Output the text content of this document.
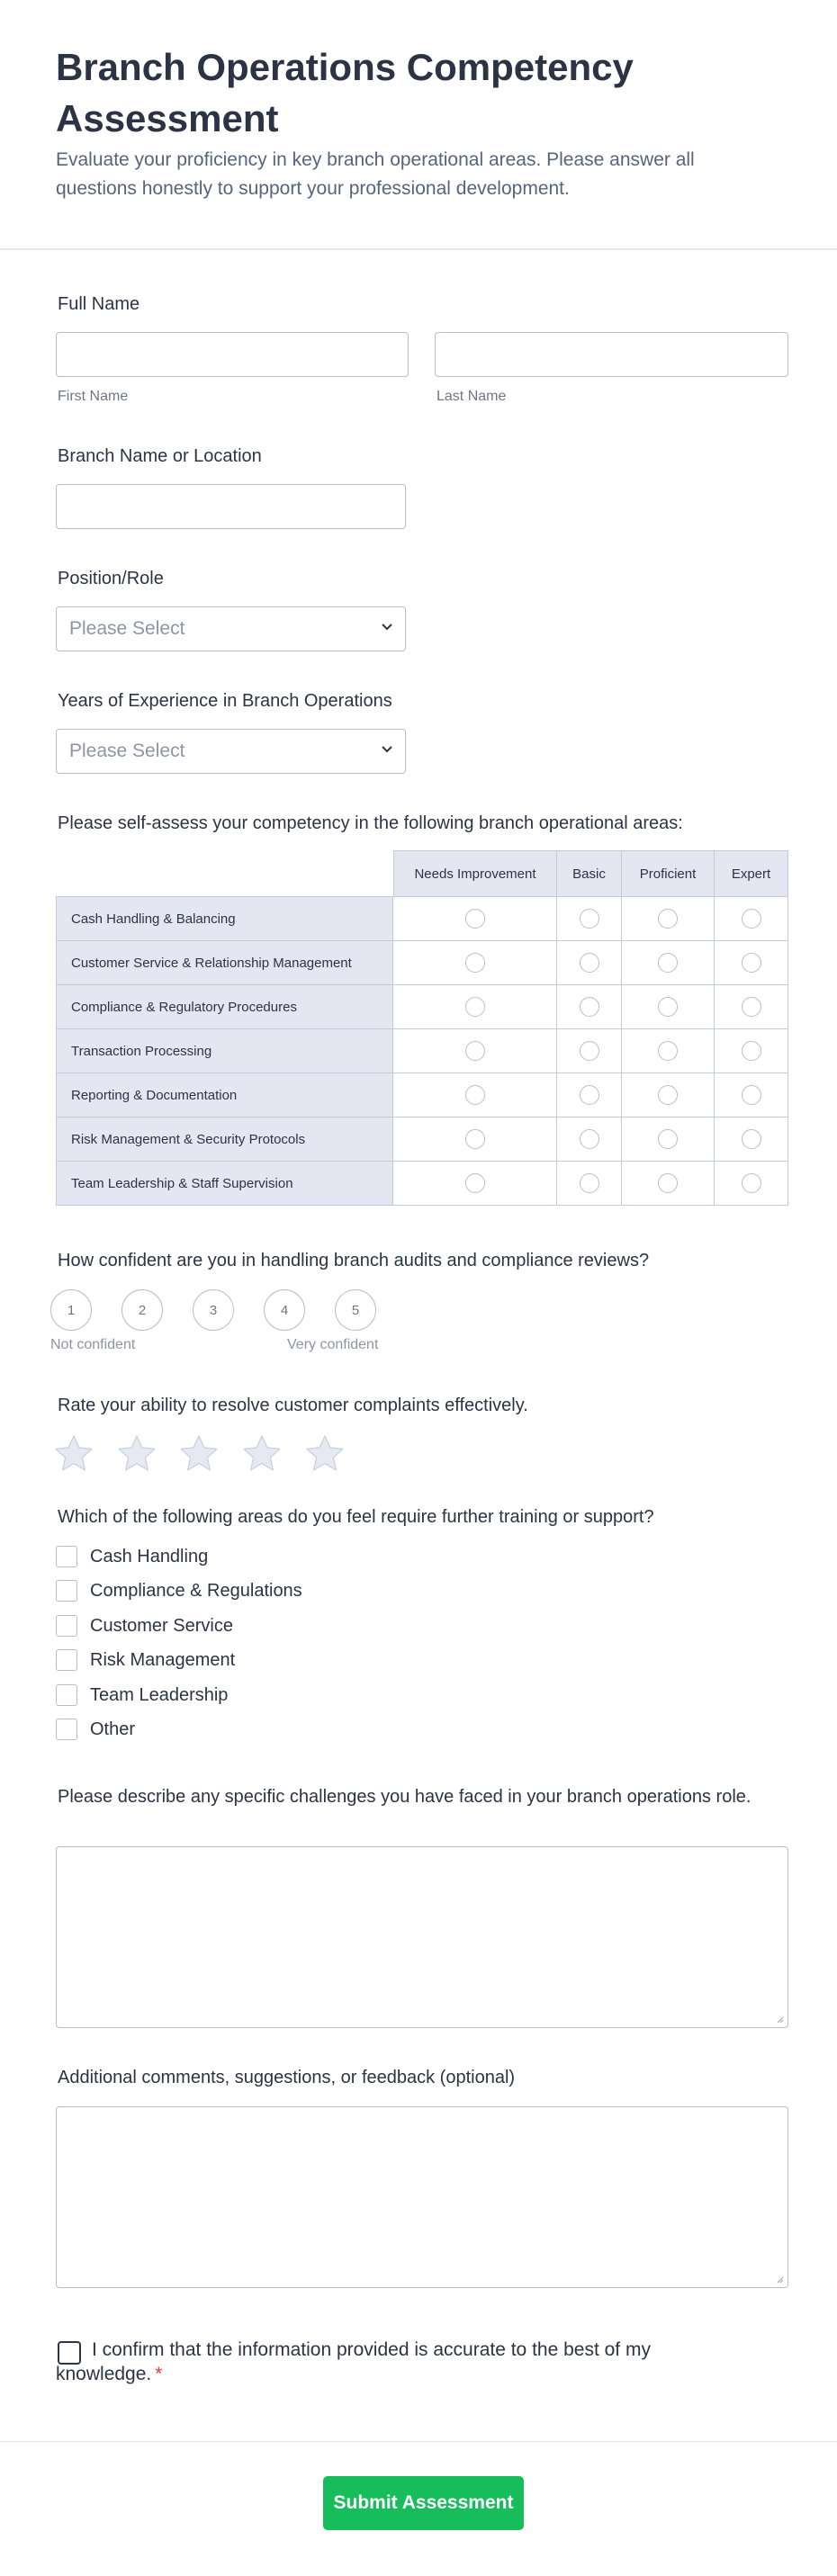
Branch Operations Competency Assessment
Evaluate your proficiency in key branch operational areas. Please answer all questions honestly to support your professional development.
Full Name
First Name	Last Name
Branch Name or Location
Position/Role
Please Select
Years of Experience in Branch Operations
Please Select
Please self-assess your competency in the following branch operational areas:
Needs Improvement	Basic	Proficient	Expert
Cash Handling & Balancing
Customer Service & Relationship Management
Compliance & Regulatory Procedures
Transaction Processing
Reporting & Documentation
Risk Management & Security Protocols
Team Leadership & Staff Supervision
How confident are you in handling branch audits and compliance reviews?
1	2	3	4	5
Not confident	Very confident
Rate your ability to resolve customer complaints effectively.
Which of the following areas do you feel require further training or support?
Cash Handling
Compliance & Regulations
Customer Service
Risk Management
Team Leadership
Other
Please describe any specific challenges you have faced in your branch operations role.
Additional comments, suggestions, or feedback (optional)
I confirm that the information provided is accurate to the best of my knowledge. *
Submit Assessment
